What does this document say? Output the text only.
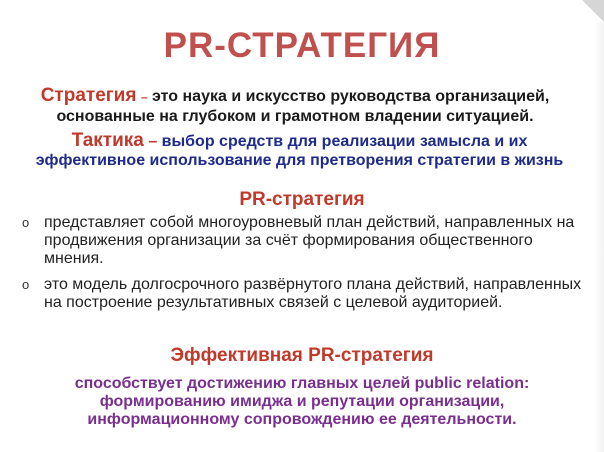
PR-СТРАТЕГИЯ
Стратегия – это наука и искусство руководства организацией,
основанные на глубоком и грамотном владении ситуацией.
Тактика – выбор средств для реализации замысла и их
эффективное использование для претворения стратегии в жизнь
PR-стратегия
o представляет собой многоуровневый план действий, направленных на продвижения организации за счёт формирования общественного мнения.
o это модель долгосрочного развёрнутого плана действий, направленных на построение результативных связей с целевой аудиторией.
Эффективная PR-стратегия
способствует достижению главных целей public relation:
формированию имиджа и репутации организации,
информационному сопровождению ее деятельности.
